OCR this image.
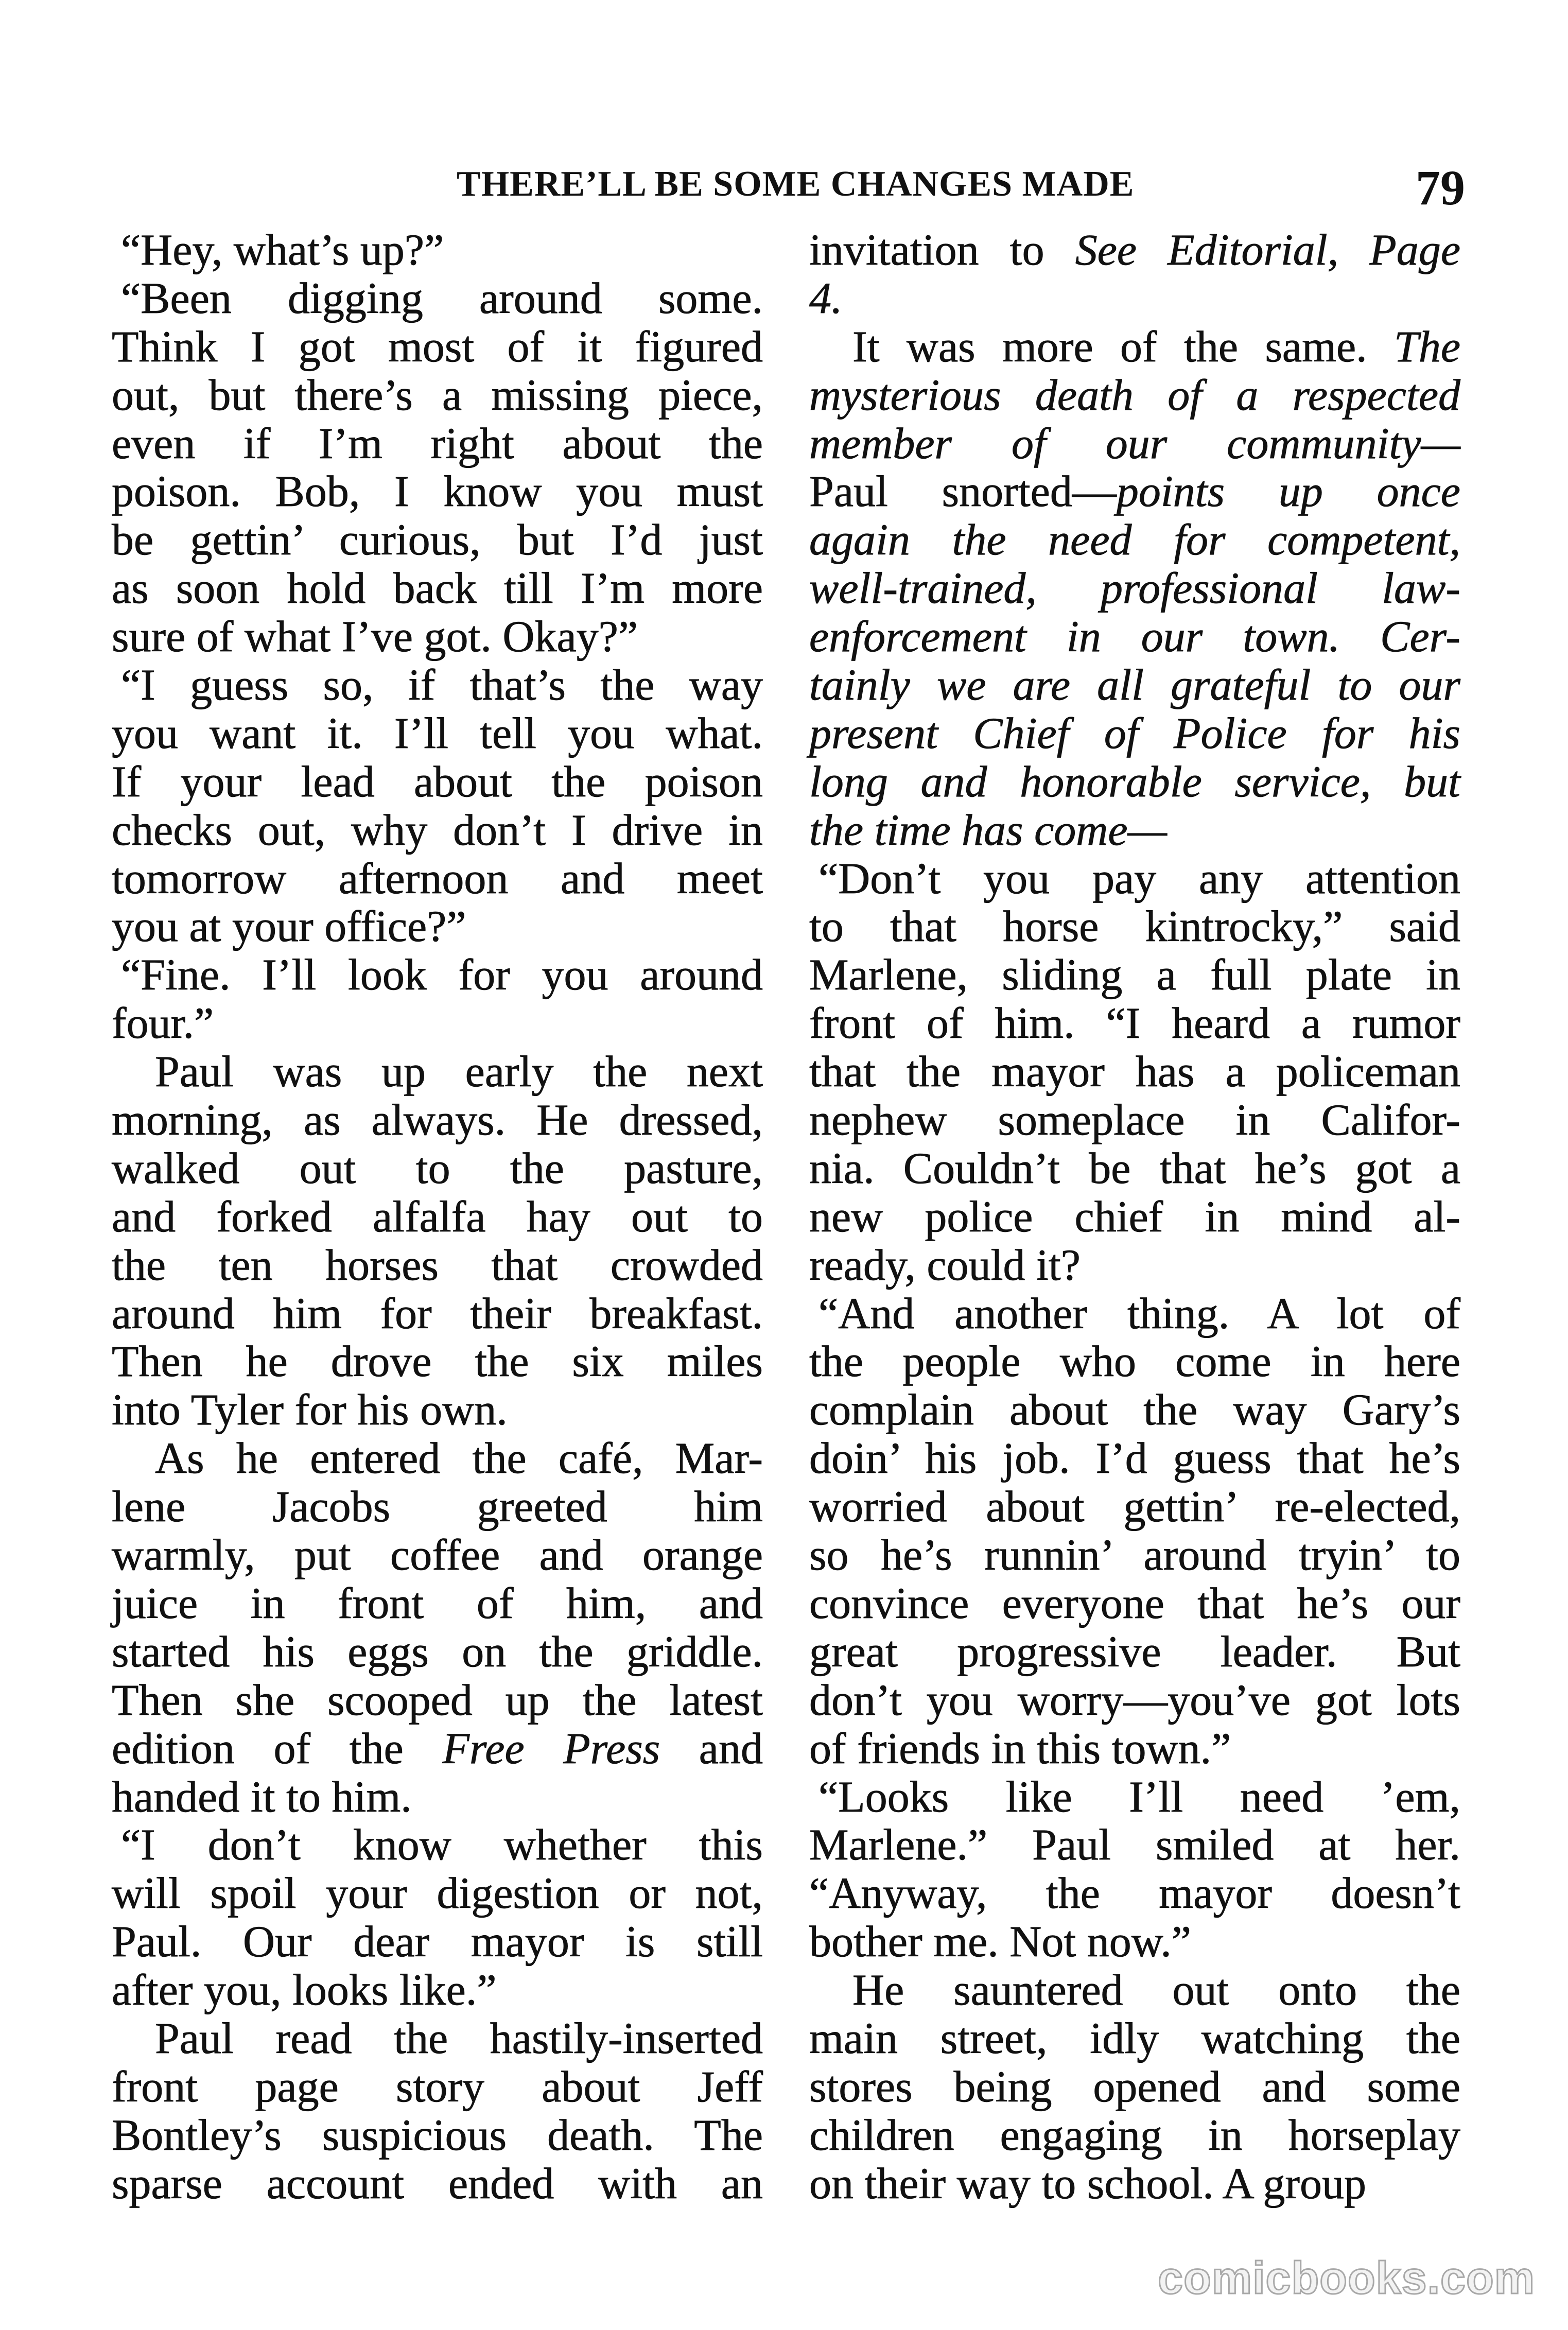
THERE’LL BE SOME CHANGES MADE	79
“Hey, what’s up?”
“Been digging around some.
Think I got most of it figured
out, but there’s a missing piece,
even if I’m right about the
poison. Bob, I know you must
be gettin’ curious, but I’d just
as soon hold back till I’m more
sure of what I’ve got. Okay?”
“I guess so, if that’s the way
you want it. I’ll tell you what.
If your lead about the poison
checks out, why don’t I drive in
tomorrow afternoon and meet
you at your office?”
“Fine. I’ll look for you around
four.”
Paul was up early the next
morning, as always. He dressed,
walked out to the pasture,
and forked alfalfa hay out to
the ten horses that crowded
around him for their breakfast.
Then he drove the six miles
into Tyler for his own.
As he entered the café, Mar-
lene Jacobs greeted him
warmly, put coffee and orange
juice in front of him, and
started his eggs on the griddle.
Then she scooped up the latest
edition of the Free Press and
handed it to him.
“I don’t know whether this
will spoil your digestion or not,
Paul. Our dear mayor is still
after you, looks like.”
Paul read the hastily-inserted
front page story about Jeff
Bontley’s suspicious death. The
sparse account ended with an
invitation to See Editorial, Page
4.
It was more of the same. The
mysterious death of a respected
member of our community—
Paul snorted—points up once
again the need for competent,
well-trained, professional law-
enforcement in our town. Cer-
tainly we are all grateful to our
present Chief of Police for his
long and honorable service, but
the time has come—
“Don’t you pay any attention
to that horse kintrocky,” said
Marlene, sliding a full plate in
front of him. “I heard a rumor
that the mayor has a policeman
nephew someplace in Califor-
nia. Couldn’t be that he’s got a
new police chief in mind al-
ready, could it?
“And another thing. A lot of
the people who come in here
complain about the way Gary’s
doin’ his job. I’d guess that he’s
worried about gettin’ re-elected,
so he’s runnin’ around tryin’ to
convince everyone that he’s our
great progressive leader. But
don’t you worry—you’ve got lots
of friends in this town.”
“Looks like I’ll need ’em,
Marlene.” Paul smiled at her.
“Anyway, the mayor doesn’t
bother me. Not now.”
He sauntered out onto the
main street, idly watching the
stores being opened and some
children engaging in horseplay
on their way to school. A group
comicbooks.com
